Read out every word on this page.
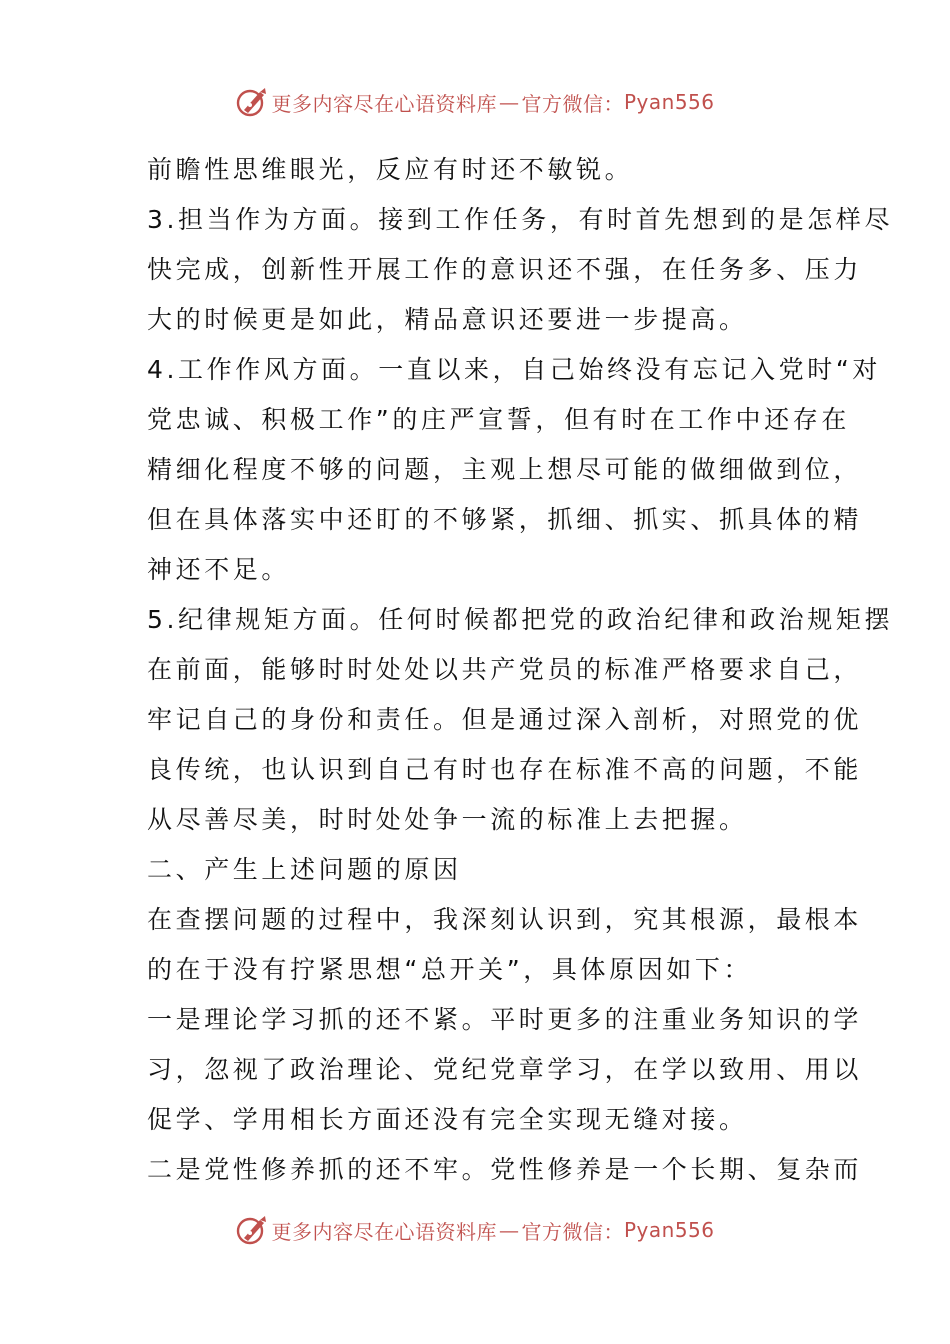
更多内容尽在心语资料库 — 官方微信： Pyan556

前瞻性思维眼光，反应有时还不敏锐。

3.担当作为方面。接到工作任务，有时首先想到的是怎样尽

快完成，创新性开展工作的意识还不强，在任务多、压力

大的时候更是如此，精品意识还要进一步提高。

4.工作作风方面。一直以来，自己始终没有忘记入党时“对

党忠诚、积极工作”的庄严宣誓，但有时在工作中还存在

精细化程度不够的问题，主观上想尽可能的做细做到位，

但在具体落实中还盯的不够紧，抓细、抓实、抓具体的精

神还不足。

5.纪律规矩方面。任何时候都把党的政治纪律和政治规矩摆

在前面，能够时时处处以共产党员的标准严格要求自己，

牢记自己的身份和责任。但是通过深入剖析，对照党的优

良传统，也认识到自己有时也存在标准不高的问题，不能

从尽善尽美，时时处处争一流的标准上去把握。

二、产生上述问题的原因

在查摆问题的过程中，我深刻认识到，究其根源，最根本

的在于没有拧紧思想“总开关”，具体原因如下：

一是理论学习抓的还不紧。平时更多的注重业务知识的学

习，忽视了政治理论、党纪党章学习，在学以致用、用以

促学、学用相长方面还没有完全实现无缝对接。

二是党性修养抓的还不牢。党性修养是一个长期、复杂而

更多内容尽在心语资料库 — 官方微信： Pyan556
